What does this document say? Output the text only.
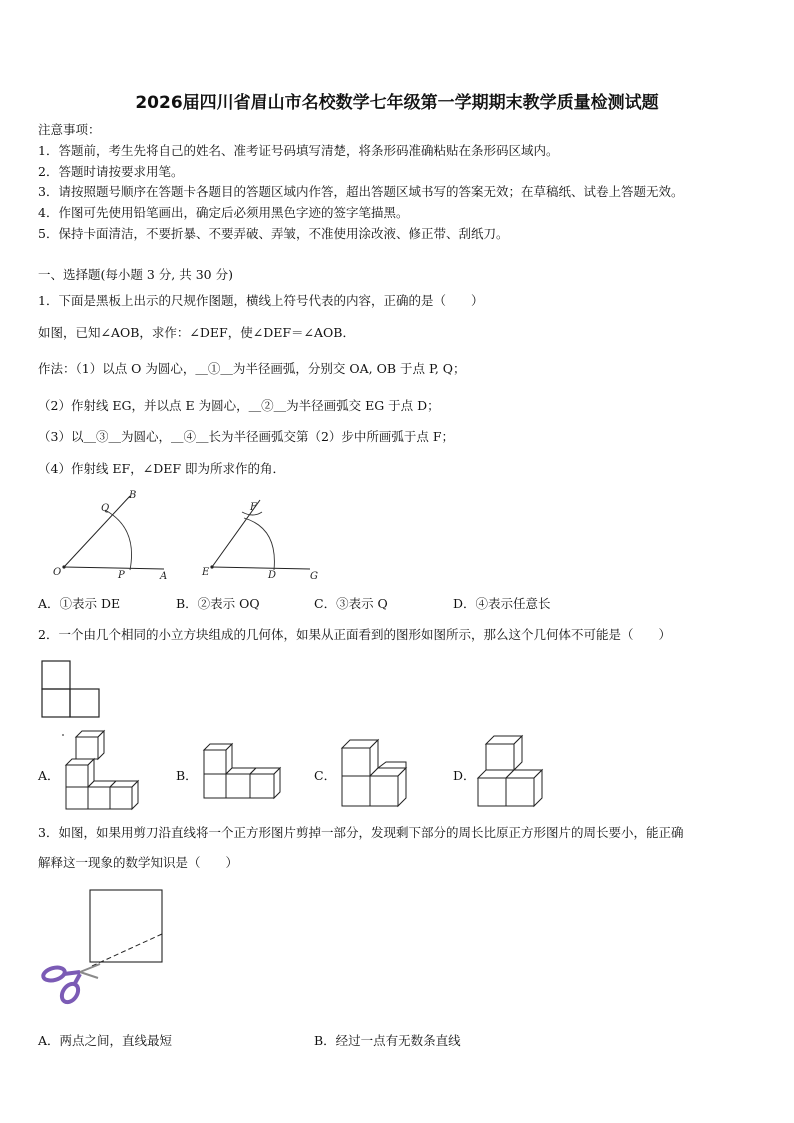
2026届四川省眉山市名校数学七年级第一学期期末教学质量检测试题
注意事项：
1．答题前，考生先将自己的姓名、准考证号码填写清楚，将条形码准确粘贴在条形码区域内。
2．答题时请按要求用笔。
3．请按照题号顺序在答题卡各题目的答题区域内作答，超出答题区域书写的答案无效；在草稿纸、试卷上答题无效。
4．作图可先使用铅笔画出，确定后必须用黑色字迹的签字笔描黑。
5．保持卡面清洁，不要折暴、不要弄破、弄皱，不准使用涂改液、修正带、刮纸刀。
一、选择题(每小题 3 分, 共 30 分)
1．下面是黑板上出示的尺规作图题，横线上符号代表的内容，正确的是（　　）
如图，已知∠AOB，求作：∠DEF，使∠DEF＝∠AOB．
作法：（1）以点 O 为圆心，＿①＿为半径画弧，分别交 OA, OB 于点 P, Q；
（2）作射线 EG，并以点 E 为圆心，＿②＿为半径画弧交 EG 于点 D；
（3）以＿③＿为圆心，＿④＿长为半径画弧交第（2）步中所画弧于点 F；
（4）作射线 EF，∠DEF 即为所求作的角．
O	P	A
Q
B
E	D	G
F
A．①表示 DE	B．②表示 OQ	C．③表示 Q	D．④表示任意长
2．一个由几个相同的小立方块组成的几何体，如果从正面看到的图形如图所示，那么这个几何体不可能是（　　）
A．	B．	C．	D．
3．如图，如果用剪刀沿直线将一个正方形图片剪掉一部分，发现剩下部分的周长比原正方形图片的周长要小，能正确
解释这一现象的数学知识是（　　）
A．两点之间，直线最短	B．经过一点有无数条直线
